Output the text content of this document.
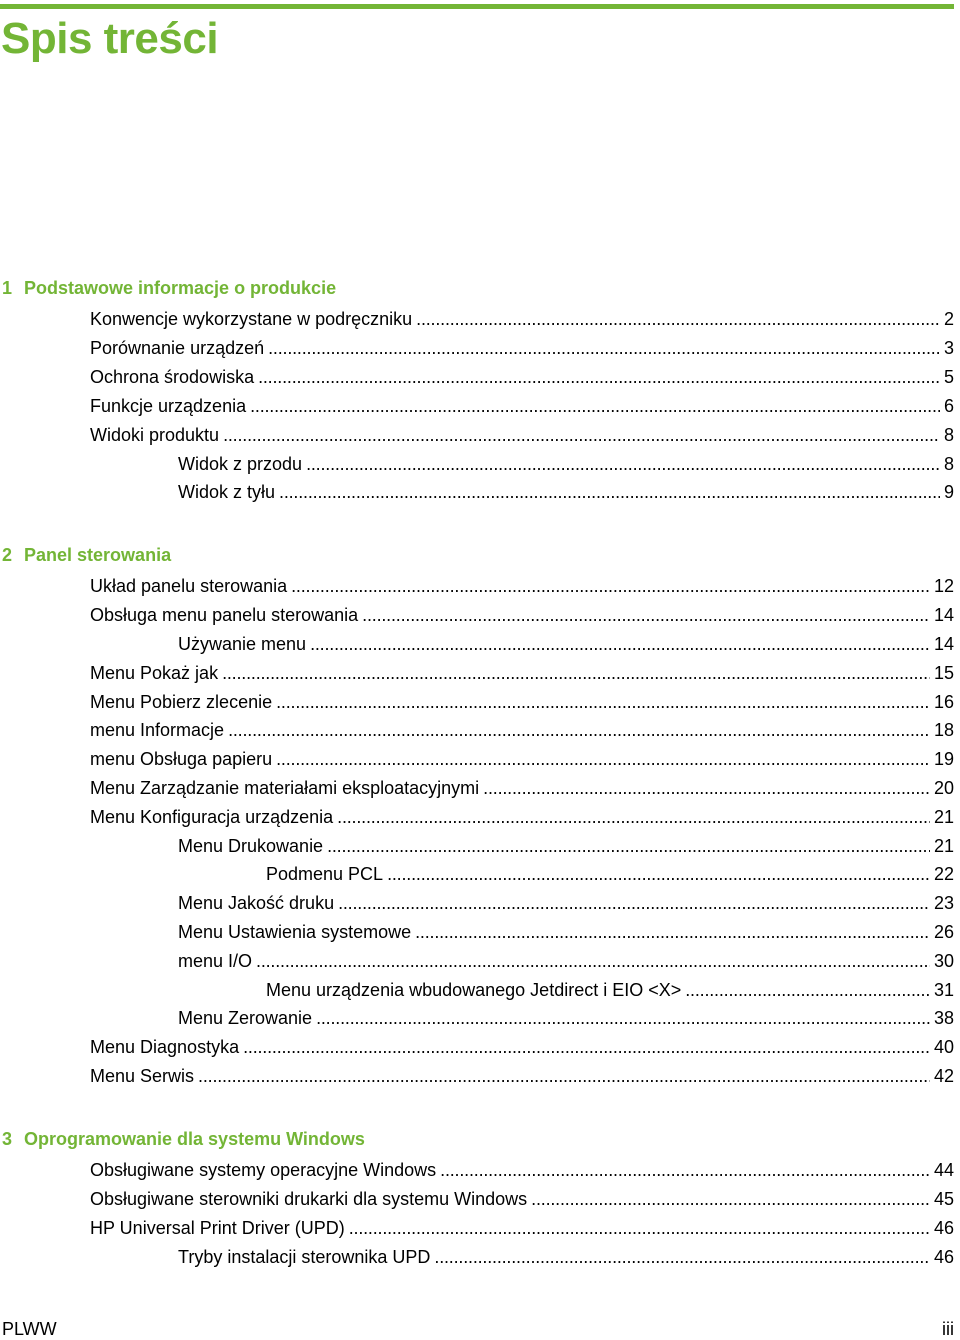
Spis treści
1 Podstawowe informacje o produkcie
Konwencje wykorzystane w podręczniku . . .	2
Porównanie urządzeń . . .	3
Ochrona środowiska . . .	5
Funkcje urządzenia . . .	6
Widoki produktu . . .	8
Widok z przodu . . .	8
Widok z tyłu . . .	9
2 Panel sterowania
Układ panelu sterowania . . .	12
Obsługa menu panelu sterowania . . .	14
Używanie menu . . .	14
Menu Pokaż jak . . .	15
Menu Pobierz zlecenie . . .	16
menu Informacje . . .	18
menu Obsługa papieru . . .	19
Menu Zarządzanie materiałami eksploatacyjnymi . . .	20
Menu Konfiguracja urządzenia . . .	21
Menu Drukowanie . . .	21
Podmenu PCL . . .	22
Menu Jakość druku . . .	23
Menu Ustawienia systemowe . . .	26
menu I/O . . .	30
Menu urządzenia wbudowanego Jetdirect i EIO <X> . . .	31
Menu Zerowanie . . .	38
Menu Diagnostyka . . .	40
Menu Serwis . . .	42
3 Oprogramowanie dla systemu Windows
Obsługiwane systemy operacyjne Windows . . .	44
Obsługiwane sterowniki drukarki dla systemu Windows . . .	45
HP Universal Print Driver (UPD) . . .	46
Tryby instalacji sterownika UPD . . .	46
PLWW	iii
